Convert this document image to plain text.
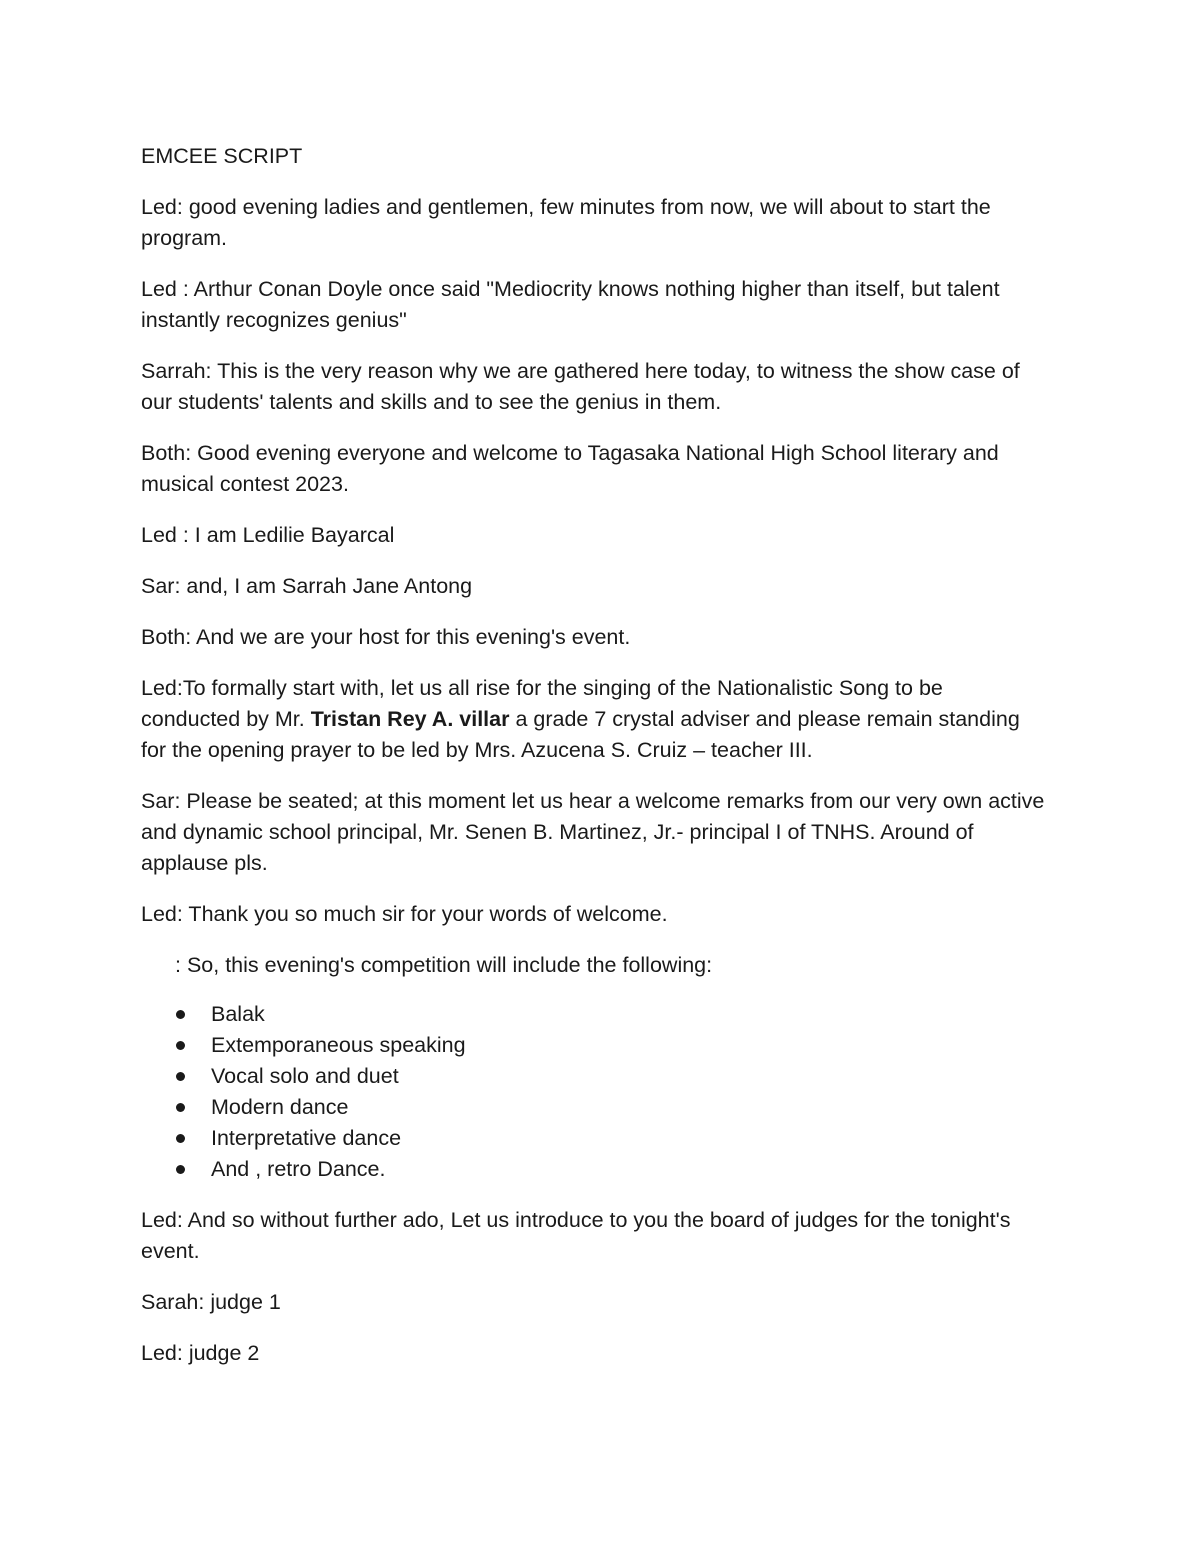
EMCEE SCRIPT
Led: good evening ladies and gentlemen, few minutes from now, we will about to start the program.
Led : Arthur Conan Doyle once said "Mediocrity knows nothing higher than itself, but talent instantly recognizes genius"
Sarrah: This is the very reason why we are gathered here today, to witness the show case of our students' talents and skills and to see the genius in them.
Both: Good evening everyone and welcome to Tagasaka National High School literary and musical contest 2023.
Led : I am Ledilie Bayarcal
Sar: and, I am Sarrah Jane Antong
Both: And we are your host for this evening's event.
Led:To formally start with, let us all rise for the singing of the Nationalistic Song to be conducted by Mr. Tristan Rey A. villar a grade 7 crystal adviser and please remain standing for the opening prayer to be led by Mrs. Azucena S. Cruiz – teacher III.
Sar: Please be seated; at this moment let us hear a welcome remarks from our very own active and dynamic school principal, Mr. Senen B. Martinez, Jr.- principal I of TNHS. Around of applause pls.
Led: Thank you so much sir for your words of welcome.
: So, this evening's competition will include the following:
Balak
Extemporaneous speaking
Vocal solo and duet
Modern dance
Interpretative dance
And , retro Dance.
Led: And so without further ado, Let us introduce to you the board of judges for the tonight's event.
Sarah: judge 1
Led: judge 2
